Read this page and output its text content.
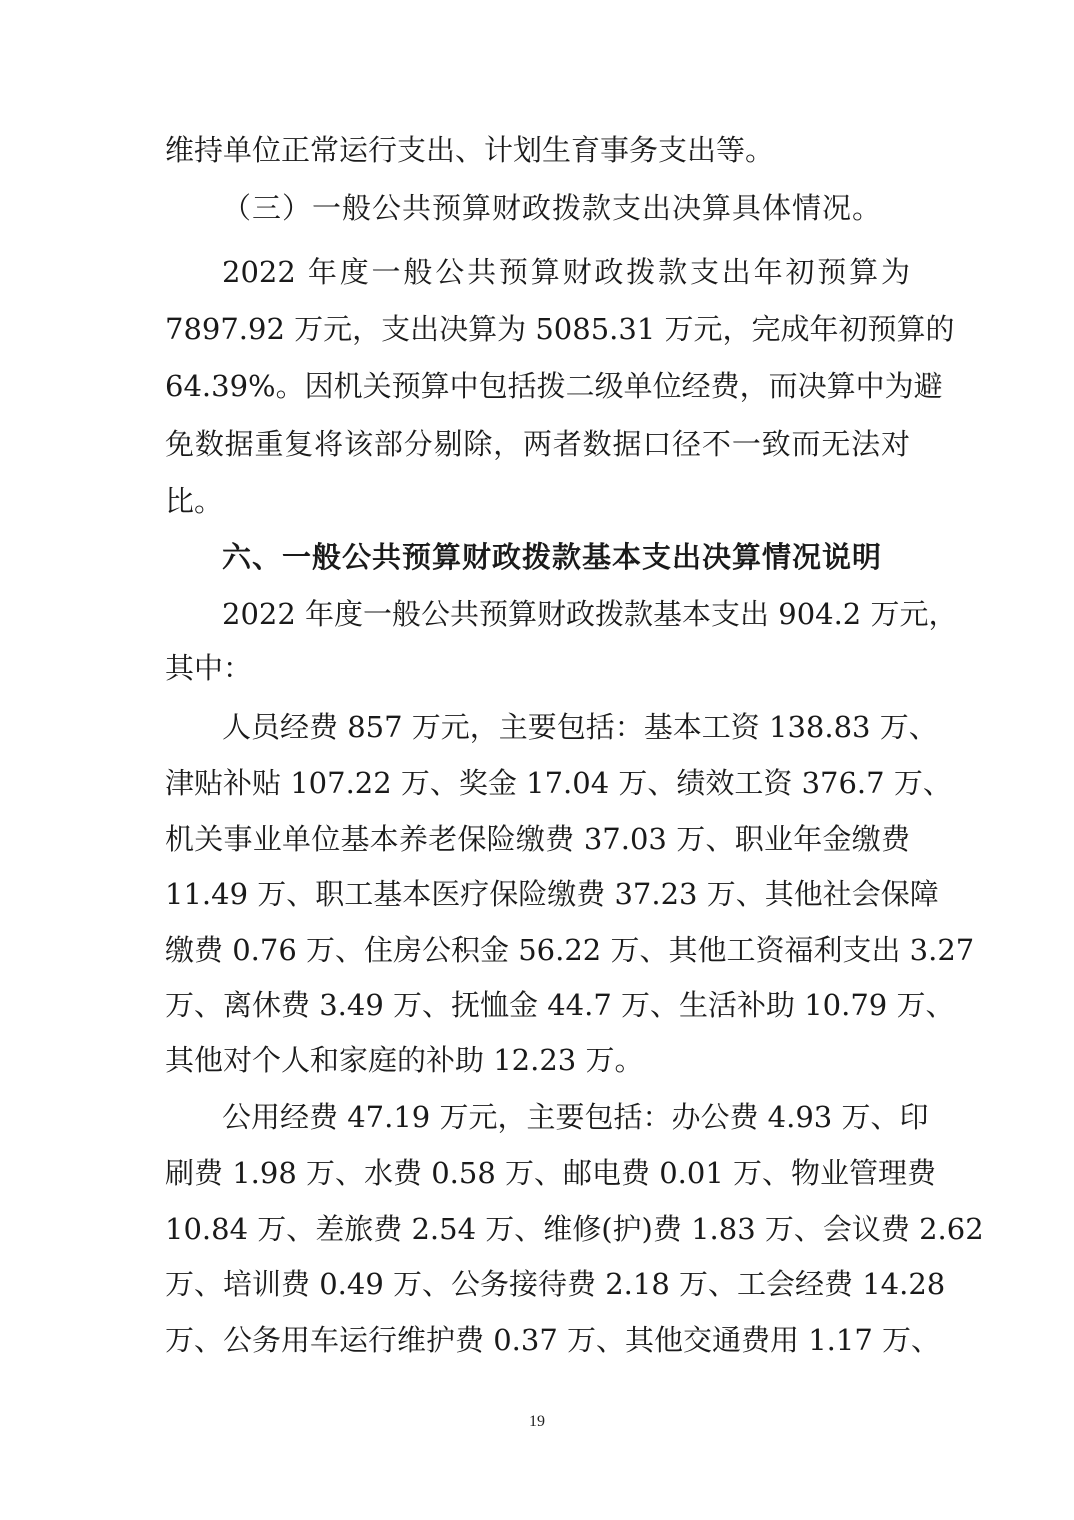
维持单位正常运行支出、计划生育事务支出等。
（三）一般公共预算财政拨款支出决算具体情况。
2022 年度一般公共预算财政拨款支出年初预算为
7897.92 万元，支出决算为 5085.31 万元，完成年初预算的
64.39%。因机关预算中包括拨二级单位经费，而决算中为避
免数据重复将该部分剔除，两者数据口径不一致而无法对
比。
六、一般公共预算财政拨款基本支出决算情况说明
2022 年度一般公共预算财政拨款基本支出 904.2 万元，
其中：
人员经费 857 万元，主要包括：基本工资 138.83 万、
津贴补贴 107.22 万、奖金 17.04 万、绩效工资 376.7 万、
机关事业单位基本养老保险缴费 37.03 万、职业年金缴费
11.49 万、职工基本医疗保险缴费 37.23 万、其他社会保障
缴费 0.76 万、住房公积金 56.22 万、其他工资福利支出 3.27
万、离休费 3.49 万、抚恤金 44.7 万、生活补助 10.79 万、
其他对个人和家庭的补助 12.23 万。
公用经费 47.19 万元，主要包括：办公费 4.93 万、印
刷费 1.98 万、水费 0.58 万、邮电费 0.01 万、物业管理费
10.84 万、差旅费 2.54 万、维修(护)费 1.83 万、会议费 2.62
万、培训费 0.49 万、公务接待费 2.18 万、工会经费 14.28
万、公务用车运行维护费 0.37 万、其他交通费用 1.17 万、
19
